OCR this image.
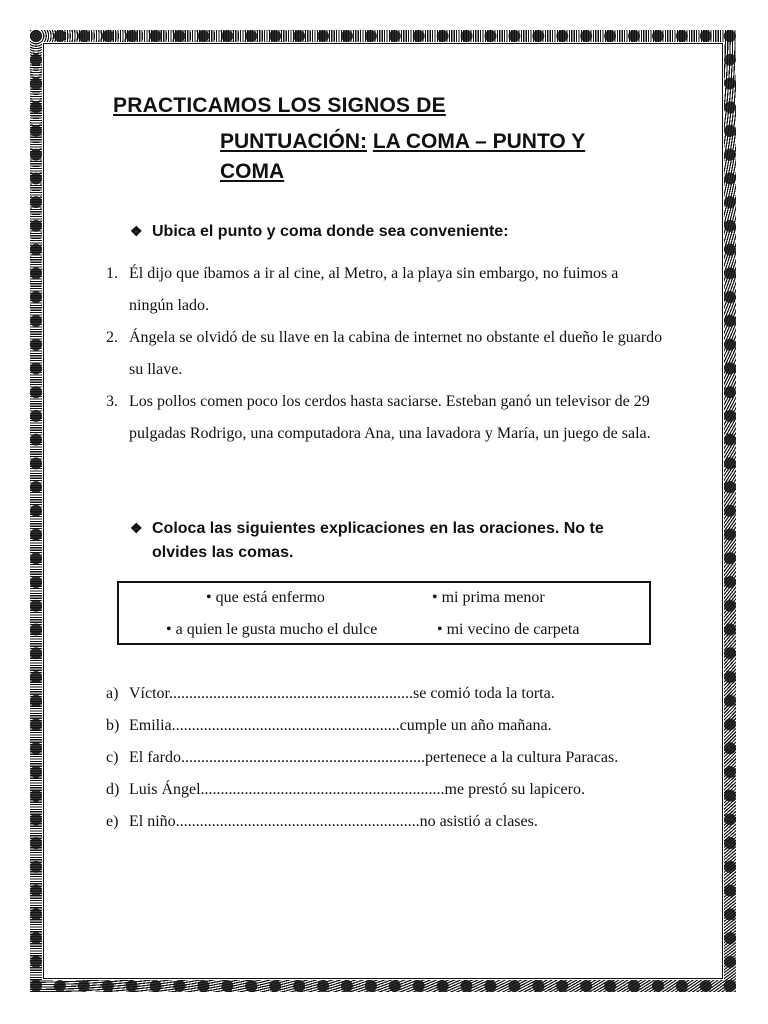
PRACTICAMOS LOS SIGNOS DE
PUNTUACIÓN: LA COMA – PUNTO Y
COMA
❖ Ubica el punto y coma donde sea conveniente:
1. Él dijo que íbamos a ir al cine, al Metro, a la playa sin embargo, no fuimos a ningún lado.
2. Ángela se olvidó de su llave en la cabina de internet no obstante el dueño le guardo su llave.
3. Los pollos comen poco los cerdos hasta saciarse. Esteban ganó un televisor de 29 pulgadas Rodrigo, una computadora Ana, una lavadora y María, un juego de sala.
❖ Coloca las siguientes explicaciones en las oraciones. No te
olvides las comas.
• que está enfermo	• mi prima menor
• a quien le gusta mucho el dulce	• mi vecino de carpeta
a) Víctor.............................................................se comió toda la torta.
b) Emilia.........................................................cumple un año mañana.
c) El fardo.............................................................pertenece a la cultura Paracas.
d) Luis Ángel.............................................................me prestó su lapicero.
e) El niño.............................................................no asistió a clases.
